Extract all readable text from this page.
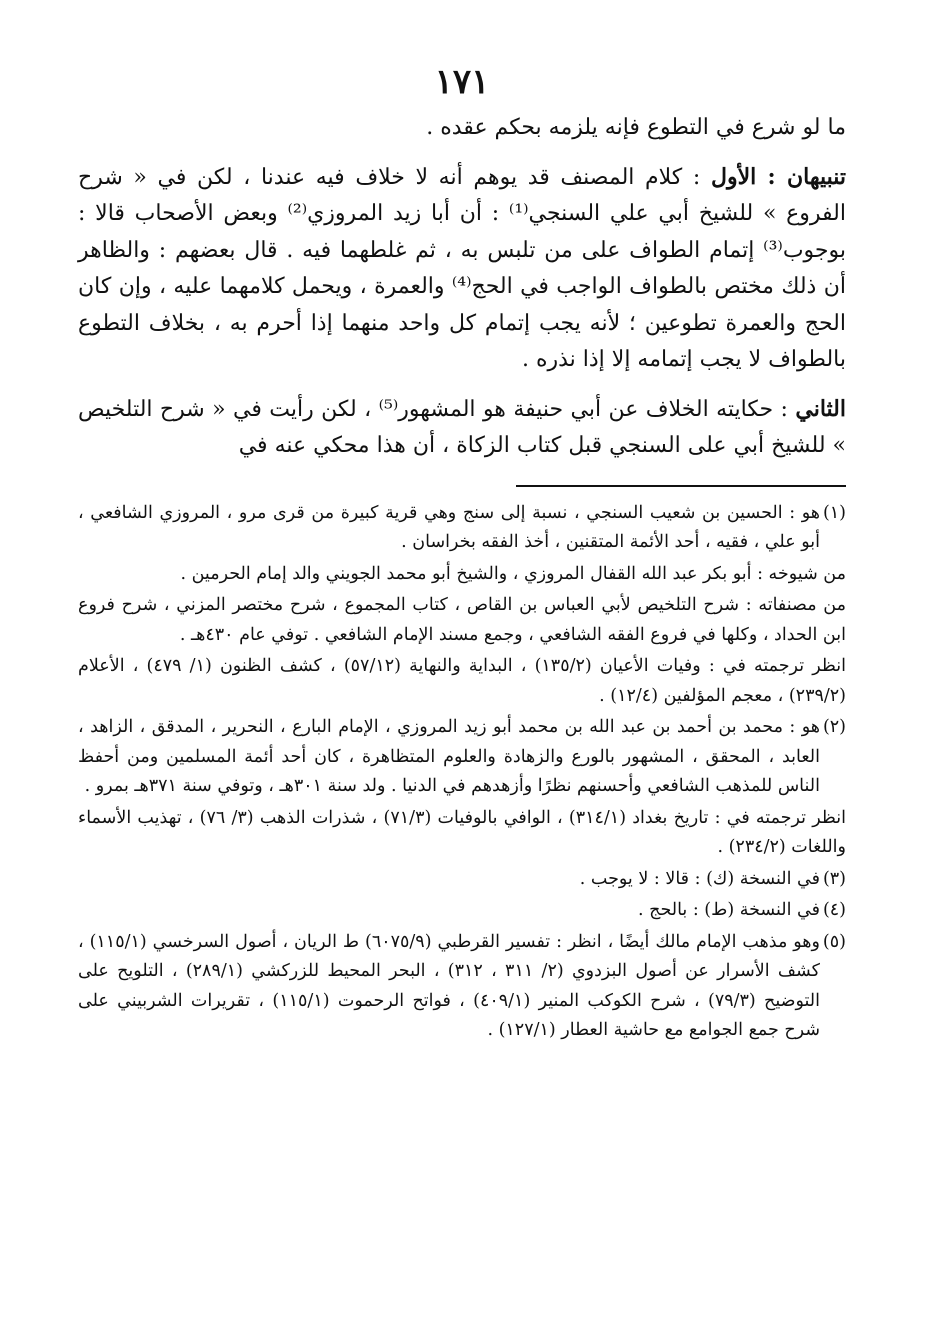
١٧١

ما لو شرع في التطوع فإنه يلزمه بحكم عقده .

تنبيهان : الأول : كلام المصنف قد يوهم أنه لا خلاف فيه عندنا ، لكن في « شرح الفروع » للشيخ أبي علي السنجي⁽¹⁾ : أن أبا زيد المروزي⁽²⁾ وبعض الأصحاب قالا : بوجوب⁽³⁾ إتمام الطواف على من تلبس به ، ثم غلطهما فيه . قال بعضهم : والظاهر أن ذلك مختص بالطواف الواجب في الحج⁽⁴⁾ والعمرة ، ويحمل كلامهما عليه ، وإن كان الحج والعمرة تطوعين ؛ لأنه يجب إتمام كل واحد منهما إذا أحرم به ، بخلاف التطوع بالطواف لا يجب إتمامه إلا إذا نذره .

الثاني : حكايته الخلاف عن أبي حنيفة هو المشهور⁽⁵⁾ ، لكن رأيت في « شرح التلخيص » للشيخ أبي على السنجي قبل كتاب الزكاة ، أن هذا محكي عنه في

(١)هو : الحسين بن شعيب السنجي ، نسبة إلى سنج وهي قرية كبيرة من قرى مرو ، المروزي الشافعي ، أبو علي ، فقيه ، أحد الأئمة المتقنين ، أخذ الفقه بخراسان .

من شيوخه : أبو بكر عبد الله القفال المروزي ، والشيخ أبو محمد الجويني والد إمام الحرمين .

من مصنفاته : شرح التلخيص لأبي العباس بن القاص ، كتاب المجموع ، شرح مختصر المزني ، شرح فروع ابن الحداد ، وكلها في فروع الفقه الشافعي ، وجمع مسند الإمام الشافعي . توفي عام ٤٣٠هـ .

انظر ترجمته في : وفيات الأعيان (١٣٥/٢) ، البداية والنهاية (٥٧/١٢) ، كشف الظنون (١/ ٤٧٩) ، الأعلام (٢٣٩/٢) ، معجم المؤلفين (١٢/٤) .

(٢)هو : محمد بن أحمد بن عبد الله بن محمد أبو زيد المروزي ، الإمام البارع ، النحرير ، المدقق ، الزاهد ، العابد ، المحقق ، المشهور بالورع والزهادة والعلوم المتظاهرة ، كان أحد أئمة المسلمين ومن أحفظ الناس للمذهب الشافعي وأحسنهم نظرًا وأزهدهم في الدنيا . ولد سنة ٣٠١هـ ، وتوفي سنة ٣٧١هـ بمرو .

انظر ترجمته في : تاريخ بغداد (٣١٤/١) ، الوافي بالوفيات (٧١/٣) ، شذرات الذهب (٣/ ٧٦) ، تهذيب الأسماء واللغات (٢٣٤/٢) .

(٣)في النسخة (ك) : قالا : لا يوجب .

(٤)في النسخة (ط) : بالحج .

(٥)وهو مذهب الإمام مالك أيضًا ، انظر : تفسير القرطبي (٦٠٧٥/٩) ط الريان ، أصول السرخسي (١١٥/١) ، كشف الأسرار عن أصول البزدوي (٢/ ٣١١ ، ٣١٢) ، البحر المحيط للزركشي (٢٨٩/١) ، التلويح على التوضيح (٧٩/٣) ، شرح الكوكب المنير (٤٠٩/١) ، فواتح الرحموت (١١٥/١) ، تقريرات الشربيني على شرح جمع الجوامع مع حاشية العطار (١٢٧/١) .
